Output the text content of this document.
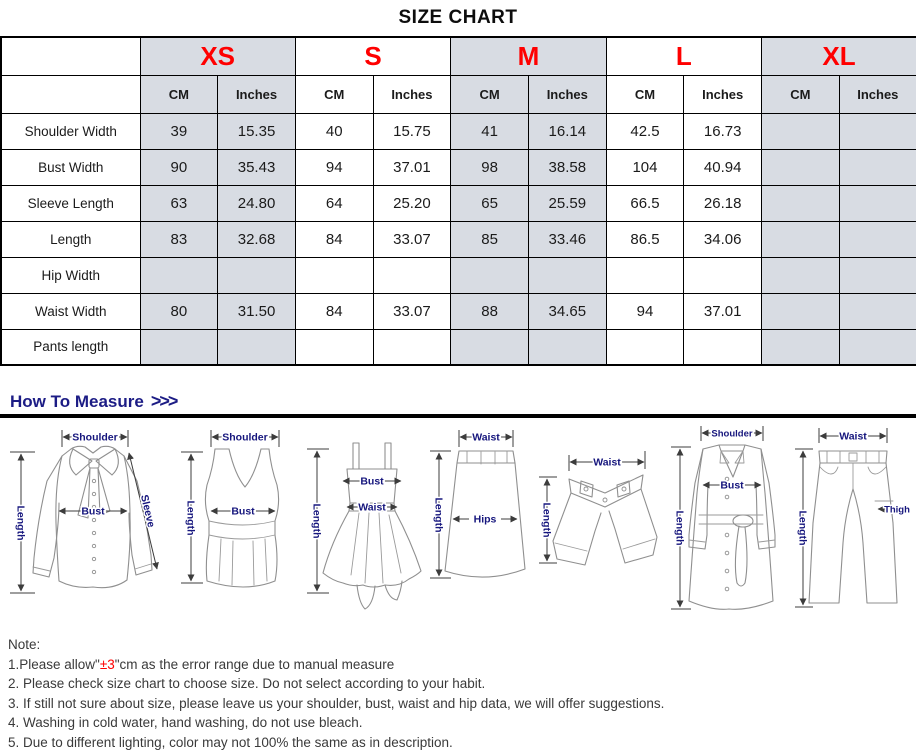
SIZE CHART
	XS		S		M		L		XL	
	CM	Inches	CM	Inches	CM	Inches	CM	Inches	CM	Inches
Shoulder Width	39	15.35	40	15.75	41	16.14	42.5	16.73		
Bust Width	90	35.43	94	37.01	98	38.58	104	40.94		
Sleeve Length	63	24.80	64	25.20	65	25.59	66.5	26.18		
Length	83	32.68	84	33.07	85	33.46	86.5	34.06		
Hip Width										
Waist Width	80	31.50	84	33.07	88	34.65	94	37.01		
Pants length										
How To Measure >>>
Shoulder
Length	Bust	Sleeve
Shoulder
Length	Bust	Length
Bust
Waist
Waist
Length	Hips
Waist
Length
Shoulder
Length
Bust
Waist
Length
Thigh
Note:
1.Please allow"±3"cm as the error range due to manual measure
2. Please check size chart to choose size. Do not select according to your habit.
3. If still not sure about size, please leave us your shoulder, bust, waist and hip data, we will offer suggestions.
4. Washing in cold water, hand washing, do not use bleach.
5. Due to different lighting, color may not 100% the same as in description.
